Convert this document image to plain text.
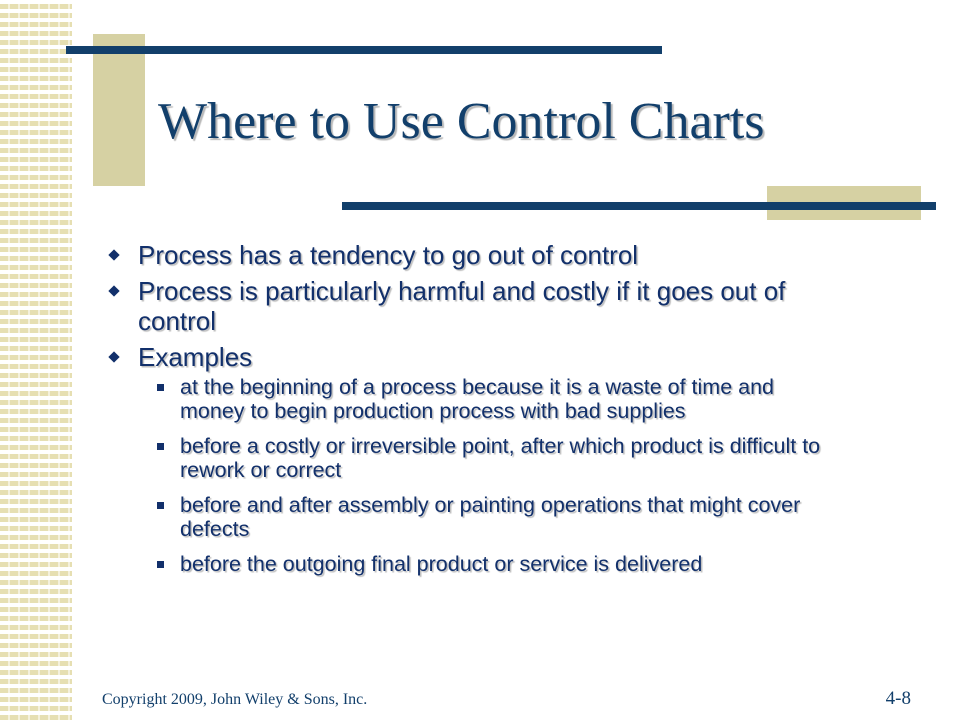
Where to Use Control Charts
Process has a tendency to go out of control
Process is particularly harmful and costly if it goes out of control
Examples
at the beginning of a process because it is a waste of time and money to begin production process with bad supplies
before a costly or irreversible point, after which product is difficult to rework or correct
before and after assembly or painting operations that might cover defects
before the outgoing final product or service is delivered
Copyright 2009, John Wiley & Sons, Inc.	4-8
